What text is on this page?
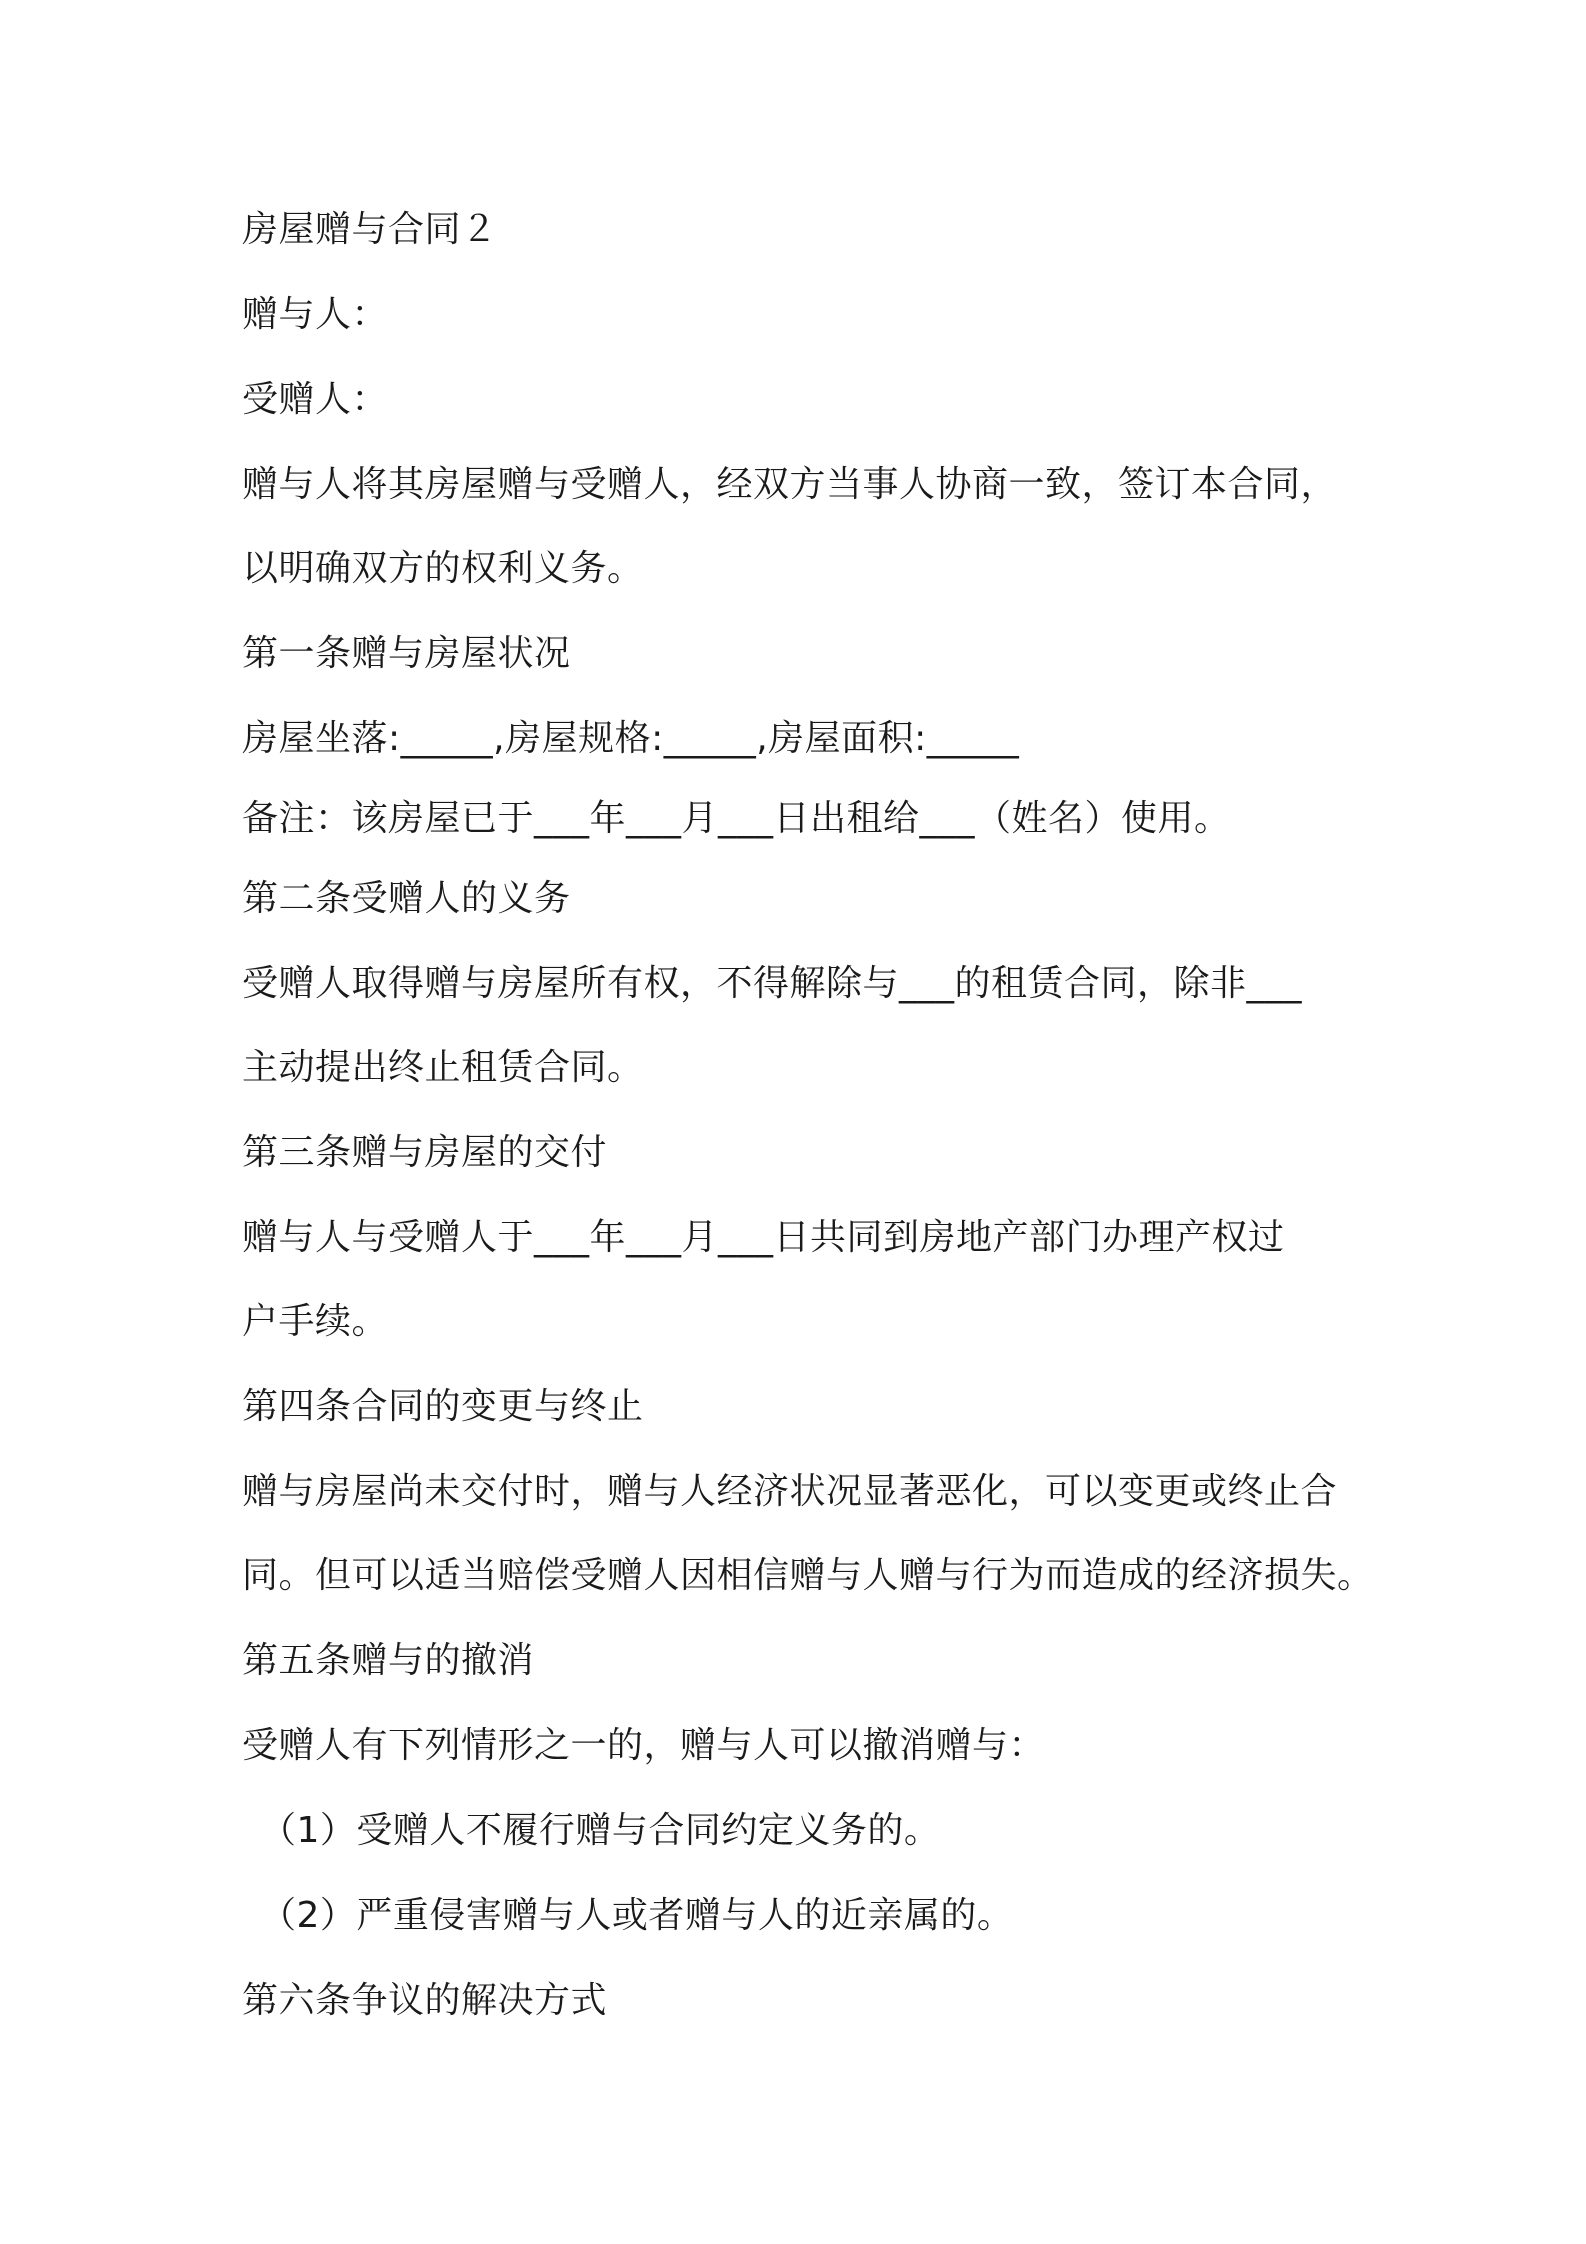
房屋赠与合同２
赠与人：
受赠人：
赠与人将其房屋赠与受赠人，经双方当事人协商一致，签订本合同，
以明确双方的权利义务。
第一条赠与房屋状况
房屋坐落:_____,房屋规格:_____,房屋面积:_____
备注：该房屋已于___年___月___日出租给___（姓名）使用。
第二条受赠人的义务
受赠人取得赠与房屋所有权，不得解除与___的租赁合同，除非___
主动提出终止租赁合同。
第三条赠与房屋的交付
赠与人与受赠人于___年___月___日共同到房地产部门办理产权过
户手续。
第四条合同的变更与终止
赠与房屋尚未交付时，赠与人经济状况显著恶化，可以变更或终止合
同。但可以适当赔偿受赠人因相信赠与人赠与行为而造成的经济损失。
第五条赠与的撤消
受赠人有下列情形之一的，赠与人可以撤消赠与：
（1）受赠人不履行赠与合同约定义务的。
（2）严重侵害赠与人或者赠与人的近亲属的。
第六条争议的解决方式
